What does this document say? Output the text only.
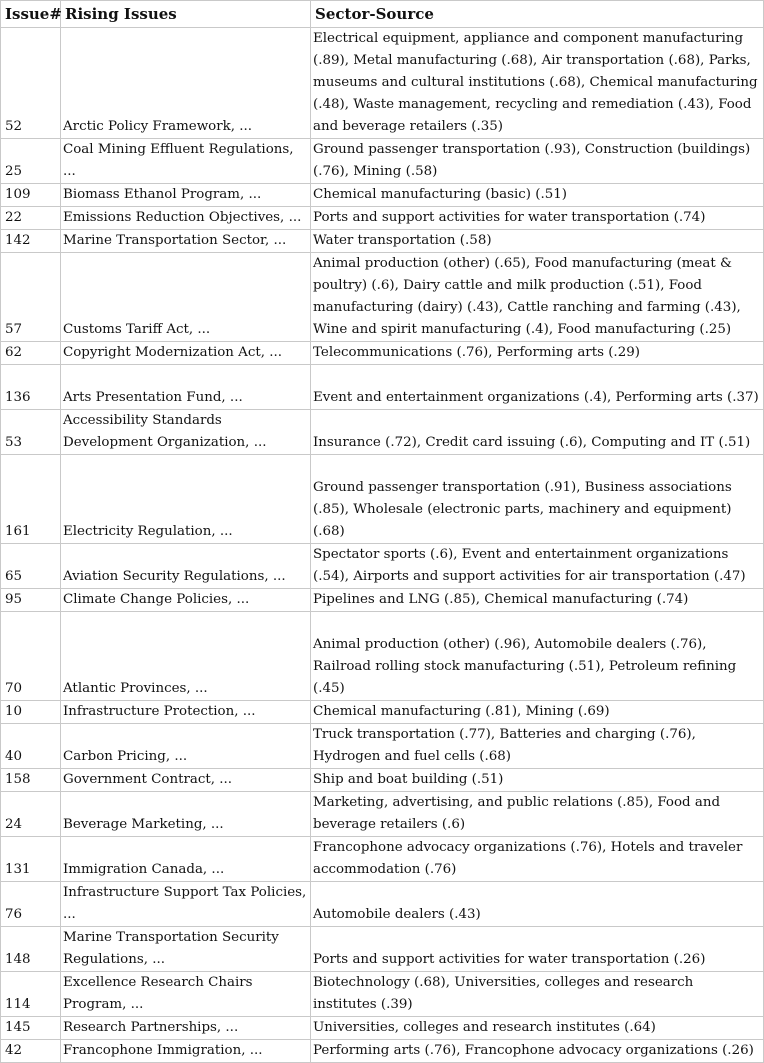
Issue#	Rising Issues	Sector-Source
52	Arctic Policy Framework, ...	Electrical equipment, appliance and component manufacturing (.89), Metal manufacturing (.68), Air transportation (.68), Parks, museums and cultural institutions (.68), Chemical manufacturing (.48), Waste management, recycling and remediation (.43), Food and beverage retailers (.35)
25	Coal Mining Effluent Regulations, ...	Ground passenger transportation (.93), Construction (buildings) (.76), Mining (.58)
109	Biomass Ethanol Program, ...	Chemical manufacturing (basic) (.51)
22	Emissions Reduction Objectives, ...	Ports and support activities for water transportation (.74)
142	Marine Transportation Sector, ...	Water transportation (.58)
57	Customs Tariff Act, ...	Animal production (other) (.65), Food manufacturing (meat & poultry) (.6), Dairy cattle and milk production (.51), Food manufacturing (dairy) (.43), Cattle ranching and farming (.43), Wine and spirit manufacturing (.4), Food manufacturing (.25)
62	Copyright Modernization Act, ...	Telecommunications (.76), Performing arts (.29)
136	Arts Presentation Fund, ...	Event and entertainment organizations (.4), Performing arts (.37)
53	Accessibility Standards Development Organization, ...	Insurance (.72), Credit card issuing (.6), Computing and IT (.51)
161	Electricity Regulation, ...	Ground passenger transportation (.91), Business associations (.85), Wholesale (electronic parts, machinery and equipment) (.68)
65	Aviation Security Regulations, ...	Spectator sports (.6), Event and entertainment organizations (.54), Airports and support activities for air transportation (.47)
95	Climate Change Policies, ...	Pipelines and LNG (.85), Chemical manufacturing (.74)
70	Atlantic Provinces, ...	Animal production (other) (.96), Automobile dealers (.76), Railroad rolling stock manufacturing (.51), Petroleum refining (.45)
10	Infrastructure Protection, ...	Chemical manufacturing (.81), Mining (.69)
40	Carbon Pricing, ...	Truck transportation (.77), Batteries and charging (.76), Hydrogen and fuel cells (.68)
158	Government Contract, ...	Ship and boat building (.51)
24	Beverage Marketing, ...	Marketing, advertising, and public relations (.85), Food and beverage retailers (.6)
131	Immigration Canada, ...	Francophone advocacy organizations (.76), Hotels and traveler accommodation (.76)
76	Infrastructure Support Tax Policies, ...	Automobile dealers (.43)
148	Marine Transportation Security Regulations, ...	Ports and support activities for water transportation (.26)
114	Excellence Research Chairs Program, ...	Biotechnology (.68), Universities, colleges and research institutes (.39)
145	Research Partnerships, ...	Universities, colleges and research institutes (.64)
42	Francophone Immigration, ...	Performing arts (.76), Francophone advocacy organizations (.26)
